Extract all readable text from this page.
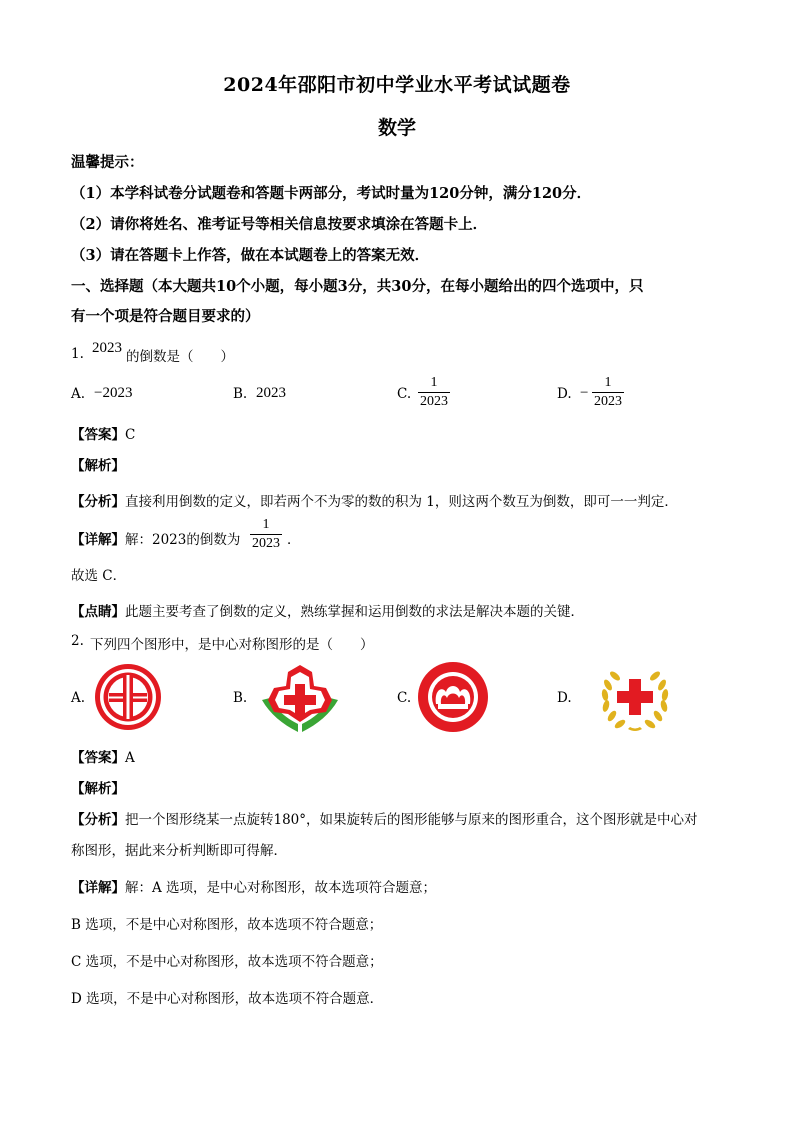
2024年邵阳市初中学业水平考试试题卷
数学
温馨提示：
（1）本学科试卷分试题卷和答题卡两部分，考试时量为120分钟，满分120分．
（2）请你将姓名、准考证号等相关信息按要求填涂在答题卡上．
（3）请在答题卡上作答，做在本试题卷上的答案无效．
一、选择题（本大题共10个小题，每小题3分，共30分，在每小题给出的四个选项中，只
有一个项是符合题目要求的）
1. 2023
的倒数是（　　）
A. −2023	B. 2023	C.
1
2023	D. −
1
2023
【答案】C
【解析】
【分析】直接利用倒数的定义，即若两个不为零的数的积为 1，则这两个数互为倒数，即可一一判定．
【详解】解：2023的倒数为
1
2023 ．
故选 C．
【点睛】此题主要考查了倒数的定义，熟练掌握和运用倒数的求法是解决本题的关键．
2. 下列四个图形中，是中心对称图形的是（　　）
A.	B.	C.	D.
【答案】A
【解析】
【分析】把一个图形绕某一点旋转180°，如果旋转后的图形能够与原来的图形重合，这个图形就是中心对
称图形，据此来分析判断即可得解．
【详解】解：A 选项，是中心对称图形，故本选项符合题意；
B 选项，不是中心对称图形，故本选项不符合题意；
C 选项，不是中心对称图形，故本选项不符合题意；
D 选项，不是中心对称图形，故本选项不符合题意．
